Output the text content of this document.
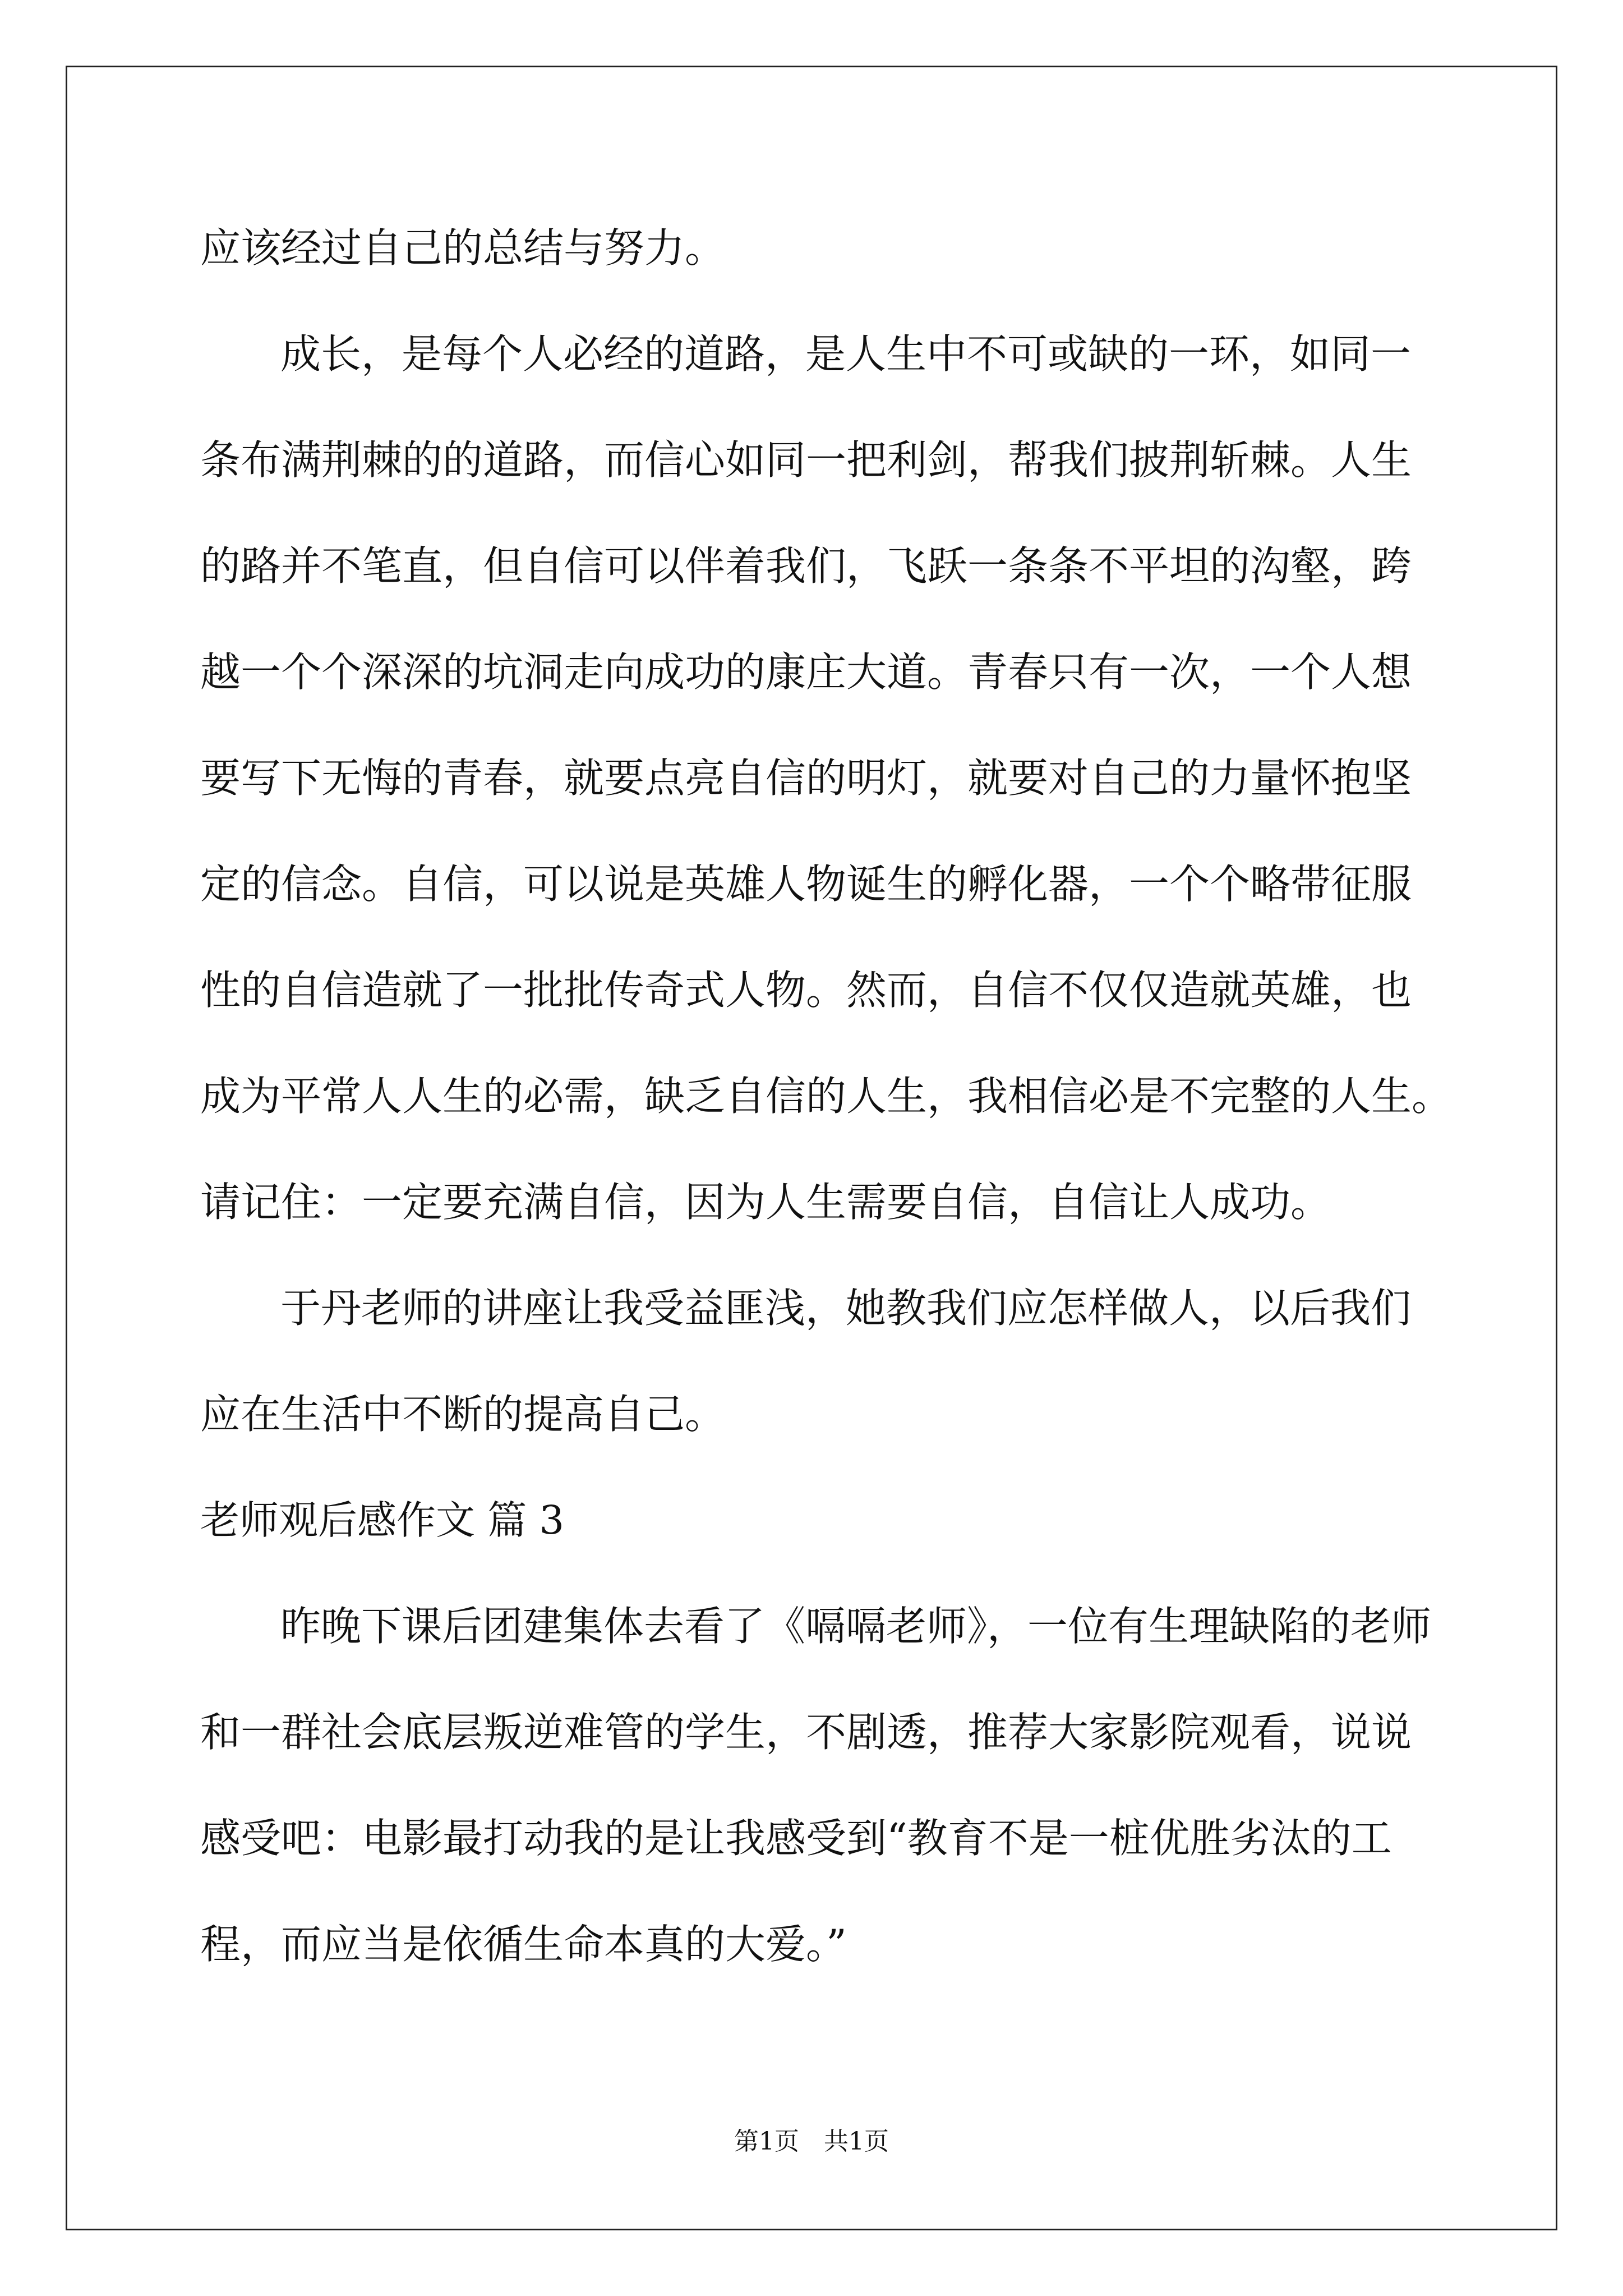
应该经过自己的总结与努力。
成长，是每个人必经的道路，是人生中不可或缺的一环，如同一
条布满荆棘的的道路，而信心如同一把利剑，帮我们披荆斩棘。人生
的路并不笔直，但自信可以伴着我们，飞跃一条条不平坦的沟壑，跨
越一个个深深的坑洞走向成功的康庄大道。青春只有一次，一个人想
要写下无悔的青春，就要点亮自信的明灯，就要对自己的力量怀抱坚
定的信念。自信，可以说是英雄人物诞生的孵化器，一个个略带征服
性的自信造就了一批批传奇式人物。然而，自信不仅仅造就英雄，也
成为平常人人生的必需，缺乏自信的人生，我相信必是不完整的人生。
请记住：一定要充满自信，因为人生需要自信，自信让人成功。
于丹老师的讲座让我受益匪浅，她教我们应怎样做人，以后我们
应在生活中不断的提高自己。
老师观后感作文 篇 3
昨晚下课后团建集体去看了《嗝嗝老师》，一位有生理缺陷的老师
和一群社会底层叛逆难管的学生，不剧透，推荐大家影院观看，说说
感受吧：电影最打动我的是让我感受到“教育不是一桩优胜劣汰的工
程，而应当是依循生命本真的大爱。”
第1页　共1页
